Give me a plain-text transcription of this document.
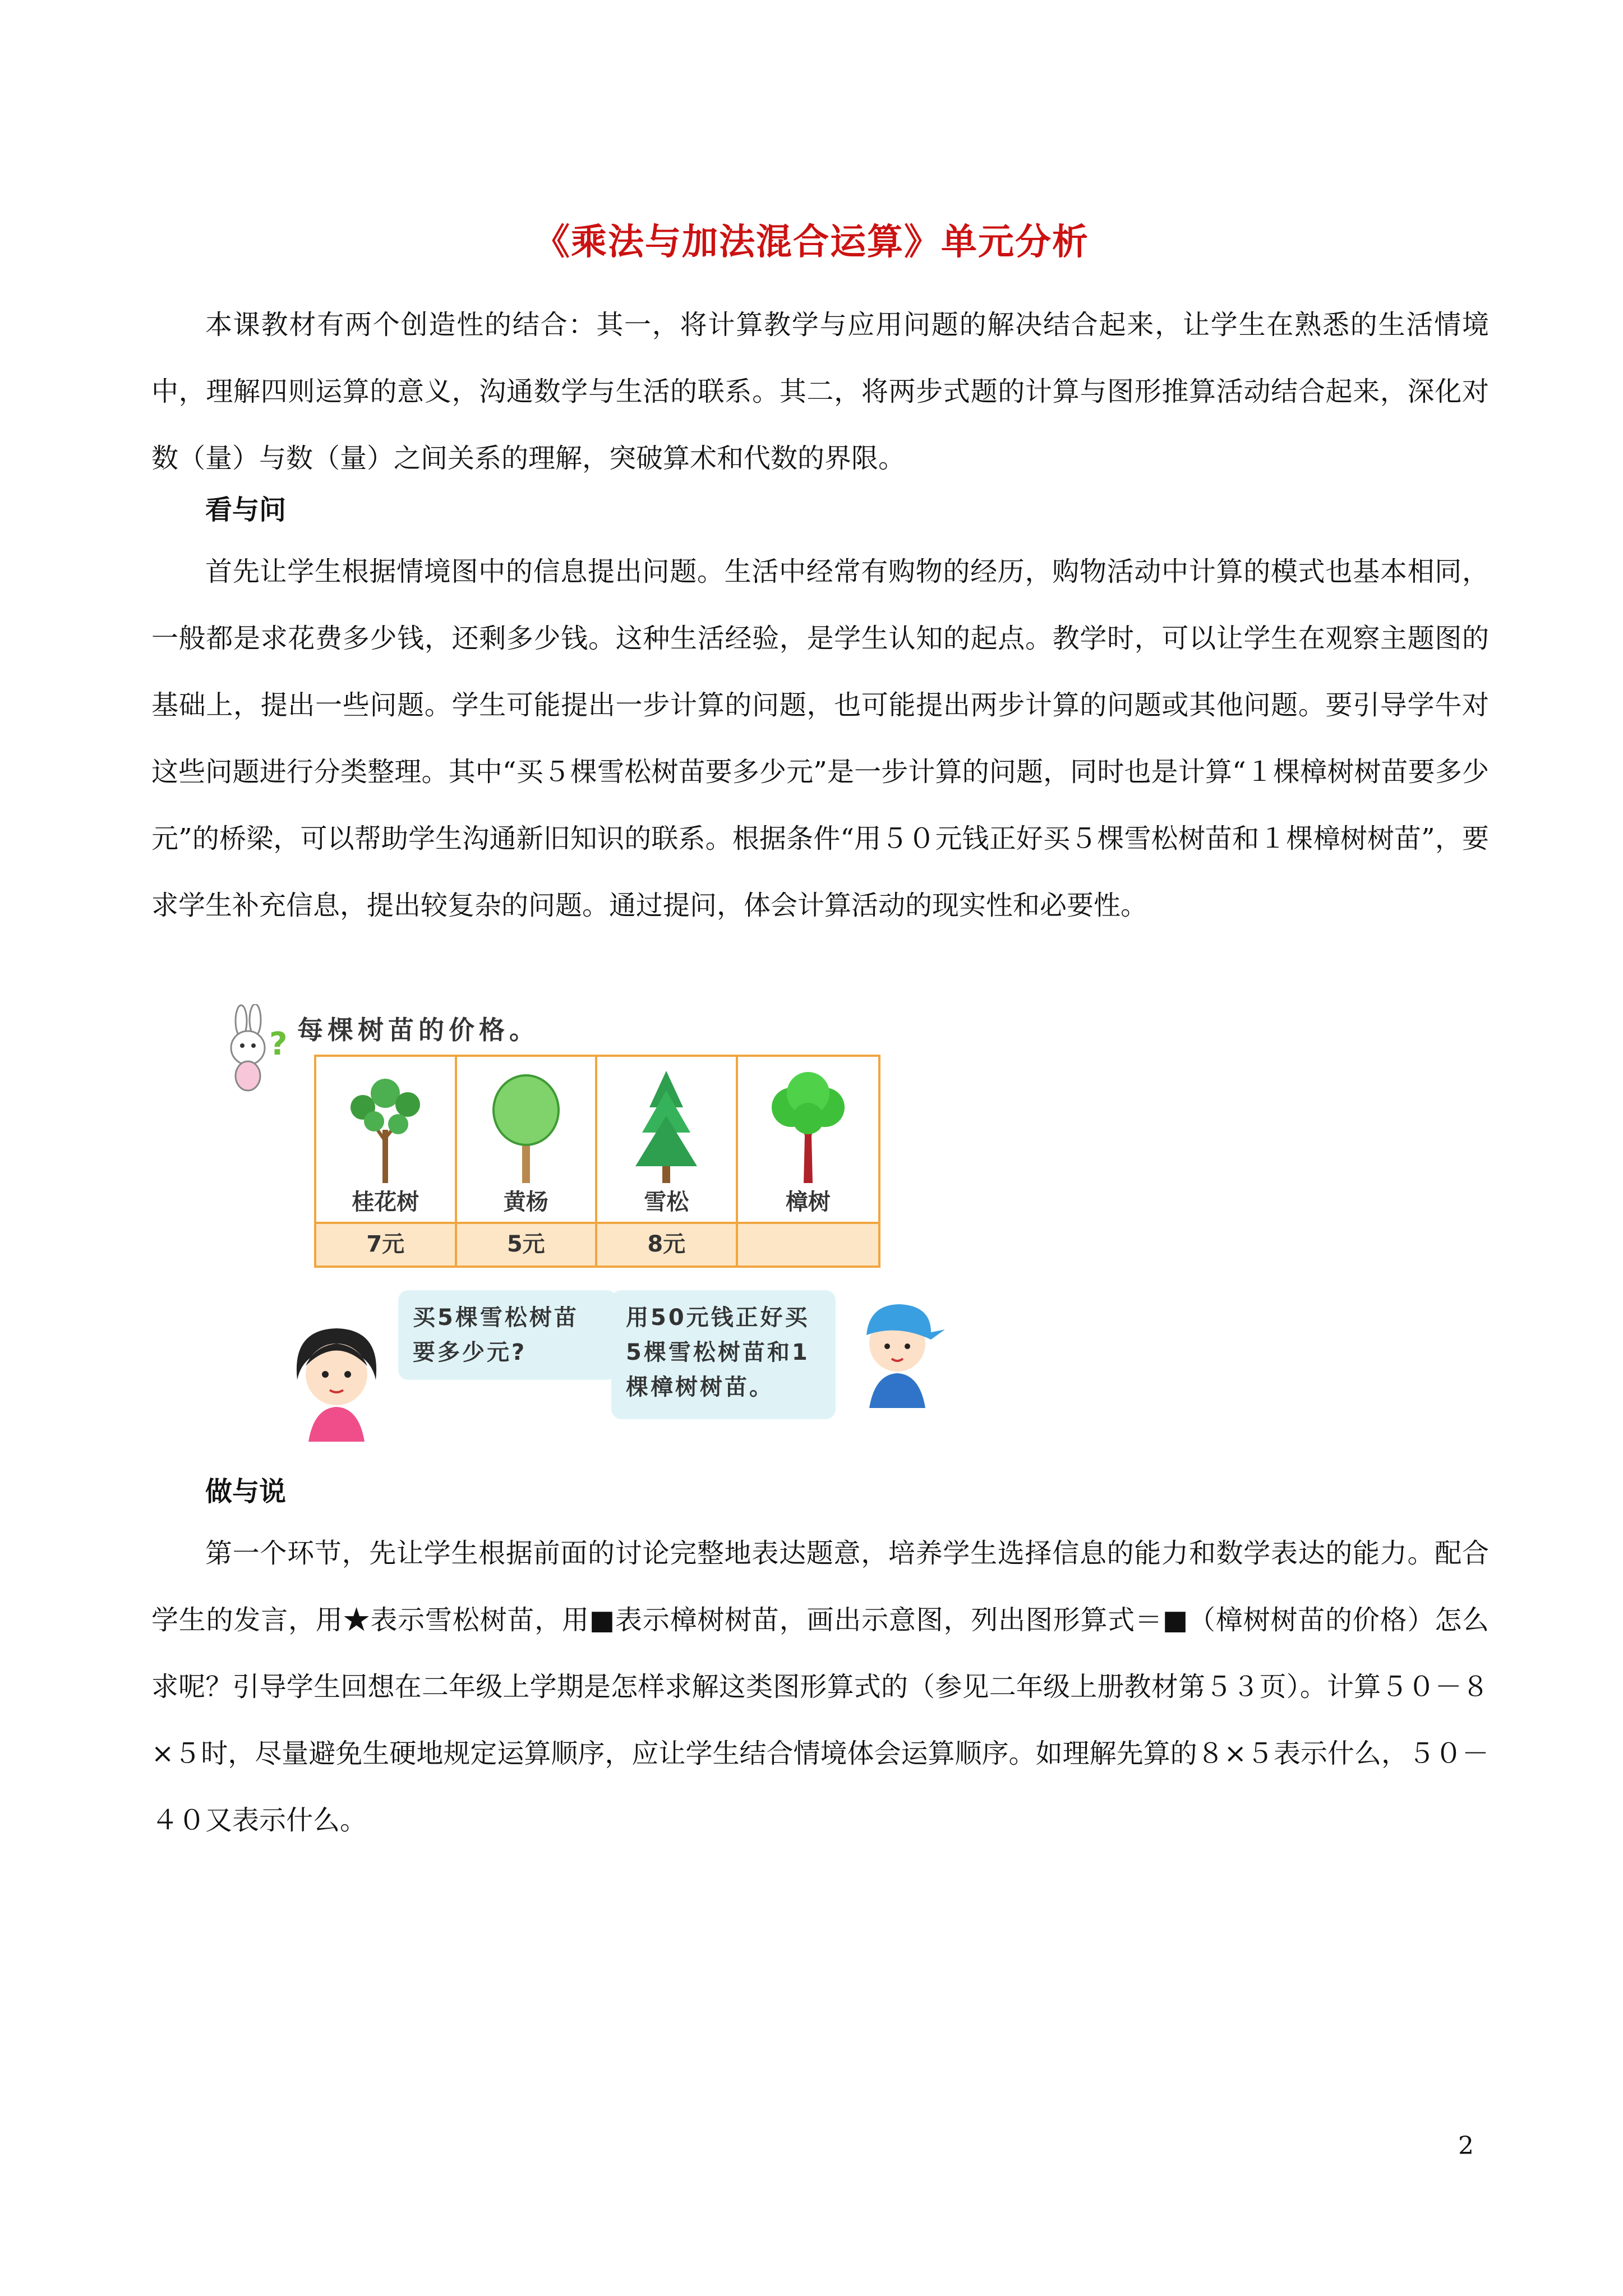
《乘法与加法混合运算》单元分析

本课教材有两个创造性的结合：其一，将计算教学与应用问题的解决结合起来，让学生在熟悉的生活情境中，理解四则运算的意义，沟通数学与生活的联系。其二，将两步式题的计算与图形推算活动结合起来，深化对数（量）与数（量）之间关系的理解，突破算术和代数的界限。

看与问

首先让学生根据情境图中的信息提出问题。生活中经常有购物的经历，购物活动中计算的模式也基本相同，一般都是求花费多少钱，还剩多少钱。这种生活经验，是学生认知的起点。教学时，可以让学生在观察主题图的基础上，提出一些问题。学生可能提出一步计算的问题，也可能提出两步计算的问题或其他问题。要引导学牛对这些问题进行分类整理。其中“买５棵雪松树苗要多少元”是一步计算的问题，同时也是计算“１棵樟树树苗要多少元”的桥梁，可以帮助学生沟通新旧知识的联系。根据条件“用５０元钱正好买５棵雪松树苗和１棵樟树树苗”，要求学生补充信息，提出较复杂的问题。通过提问，体会计算活动的现实性和必要性。

? 每棵树苗的价格。
桂花树	黄杨	雪松	樟树
7元	5元	8元
买5棵雪松树苗要多少元?
用50元钱正好买5棵雪松树苗和1棵樟树树苗。
做与说

第一个环节，先让学生根据前面的讨论完整地表达题意，培养学生选择信息的能力和数学表达的能力。配合学生的发言，用★表示雪松树苗，用■表示樟树树苗，画出示意图，列出图形算式＝■（樟树树苗的价格）怎么求呢？引导学生回想在二年级上学期是怎样求解这类图形算式的（参见二年级上册教材第５３页）。计算５０－８×５时，尽量避免生硬地规定运算顺序，应让学生结合情境体会运算顺序。如理解先算的８×５表示什么，５０－４０又表示什么。

2
